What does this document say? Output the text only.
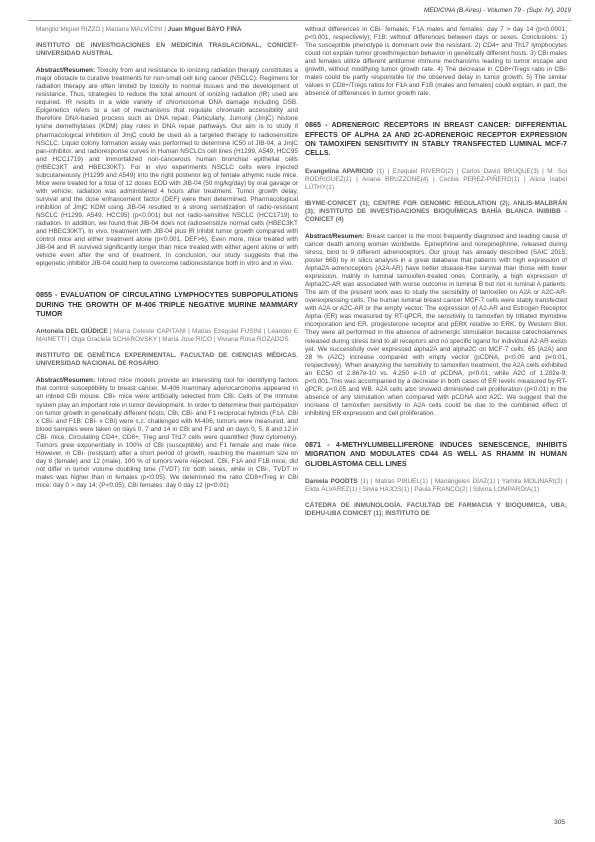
MEDICINA (B Aires) - Volumen 79 - (Supl. IV), 2019

Manglio Miguel RIZZO | Mariana MALVICINI | Juan Miguel BAYO FINA

INSTITUTO DE INVESTIGACIONES EN MEDICINA TRASLACIONAL, CONICET-UNIVERSIDAD AUSTRAL

Abstract/Resumen: Toxicity from and resistance to ionizing radiation therapy constitutes a major obstacle to curative treatments for non-small cell lung cancer (NSCLC). Regimens for radiation therapy are often limited by toxicity to normal tissues and the development of resistance. Thus, strategies to reduce the total amount of ionizing radiation (IR) used are required. IR results in a wide variety of chromosomal DNA damage including DSB. Epigenetics refers to a set of mechanisms that regulate chromatin accessibility and therefore DNA-based process such as DNA repair. Particularly, Jumonji (JmjC) histone lysine demethylases (KDM) play roles in DNA repair pathways. Our aim is to study if pharmacological inhibition of JmjC could be used as a targeted therapy to radiosensitize NSCLC. Liquid colony formation assay was performed to determine IC50 of JIB-04, a JmjC pan-inhibitor, and radioresponse curves in Human NSCLCs cell lines (H1299, A549, HCC95 and HCC1719) and immortalized non-cancerous human bronchial epithelial cells (HBEC3KT and HBEC30KT). For in vivo experiments NSCLC cells were injected subcutaneously (H1299 and A549) into the right posterior leg of female athymic nude mice. Mice were treated for a total of 12 doses EOD with JIB-04 (50 mg/kg/day) by oral gavage or with vehicle; radiation was administered 4 hours after treatment. Tumor growth delay, survival and the dose enhancement factor (DEF) were then determined. Pharmacological inhibition of JmjC KDM using JIB-04 resulted in a strong sensitization of radio-resistant NSCLC (H1299, A549, HCC95) (p<0.001) but not radio-sensitive NSCLC (HCC1719) to radiation. In addition, we found that JIB-04 does not radiosensitize normal cells (HBEC3KT and HBEC30KT). In vivo, treatment with JIB-04 plus IR inhibit tumor growth compared with control mice and either treatment alone (p<0.001, DEF>6). Even more, mice treated with JIB-04 and IR survived significantly longer than mice treated with either agent alone or with vehicle even after the end of treatment. In conclusion, our study suggests that the epigenetic inhibitor JIB-04 could help to overcome radioresistance both in vitro and in vivo.

0855 - EVALUATION OF CIRCULATING LYMPHOCYTES SUBPOPULATIONS DURING THE GROWTH OF M-406 TRIPLE NEGATIVE MURINE MAMMARY TUMOR

Antonela DEL GIÚDICE | María Celeste CAPITANI | Matías Ezequiel FUSINI | Leandro E MAINETTI | Olga Graciela SCHAROVSKY | María Jose RICO | Viviana Rosa ROZADOS

INSTITUTO DE GENÉTICA EXPERIMENTAL. FACULTAD DE CIENCIAS MÉDICAS. UNIVERSIDAD NACIONAL DE ROSARIO

Abstract/Resumen: Inbred mice models provide an interesting tool for identifying factors that control susceptibility to breast cancer. M-406 mammary adenocarcinoma appeared in an inbred CBi mouse. CBi- mice were artificially selected from CBi. Cells of the immune system play an important role in tumor development. In order to determine their participation on tumor growth in genetically different hosts, CBi, CBi- and F1 reciprocal hybrids (F1A: CBi x CBi- and F1B: CBi- x CBi) were s.c. challenged with M-406, tumors were measured, and blood samples were taken on days 0, 7 and 14 in CBi and F1 and on days 0, 5, 8 and 12 in CBi- mice. Circulating CD4+, CD8+, Treg and Th17 cells were quantified (flow cytometry). Tumors grew exponentially in 100% of CBi (susceptible) and F1 female and male mice. However, in CBi- (resistant) after a short period of growth, reaching the maximum size on day 8 (female) and 12 (male), 100 % of tumors were rejected. CBi, F1A and F1B mice, did not differ in tumor volume doubling time (TVDT) for both sexes, while in CBi-, TVDT in males was higher than in females (p<0.05). We determined the ratio CD8+/Treg in CBi mice: day 0 > day 14; (P<0.05); CBi females: day 0 day 12 (p<0.01)

without differences in CBi- females; F1A males and females: day 7 > day 14 (p<0.0001; p<0.001, respectively); F1B: without differences between days or sexes. Conclusions: 1) The susceptible phenotype is dominant over the resistant. 2) CD4+ and Th17 lymphocytes could not explain tumor growth/rejection behavior in genetically different hosts. 3) CBi males and females utilize different antitumor immune mechanisms leading to tumor escape and growth, without modifying tumor growth rate. 4) The decrease in CD8+/Tregs ratio in CBi- males could be partly responsible for the observed delay in tumor growth. 5) The similar values in CD8+/Tregs ratios for F1A and F1B (males and females) could explain, in part, the absence of differences in tumor growth rate.

0865 - ADRENERGIC RECEPTORS IN BREAST CANCER: DIFFERENTIAL EFFECTS OF ALPHA 2A AND 2C-ADRENERGIC RECEPTOR EXPRESSION ON TAMOXIFEN SENSITIVITY IN STABLY TRANSFECTED LUMINAL MCF-7 CELLS.

Evangelina APARICIO (1) | Ezequiel RIVERO(2) | Carlos David BRUQUE(3) | M. Sol RODRIGUEZ(1) | Ariana BRUZZONE(4) | Cecilia PEREZ-PIÑERO(1) | Alicia Isabel LÜTHY(1)

IBYME-CONICET (1); CENTRE FOR GENOMIC REGULATION (2); ANLIS-MALBRÁN (3); INSTITUTO DE INVESTIGACIONES BIOQUÍMICAS BAHÍA BLANCA INIBIBB -CONICET (4)

Abstract/Resumen: Breast cancer is the most frequently diagnosed and leading cause of cancer death among women worldwide. Epinephrine and norepinephrine, released during stress, bind to 9 different adrenoceptors. Our group has already described (SAIC 2015, poster 660) by in silico analysis in a great database that patients with high expression of Alpha2A-adrenoceptors (A2A-AR) have better disease-free survival than those with lower expression, mainly in luminal tamoxifen-treated ones. Contrarily, a high expression of Alpha2C-AR was associated with worse outcome in luminal B but not in luminal A patients. The aim of the present work was to study the sensibility of tamoxifen on A2A or A2C-AR-overexpressing cells. The human luminal breast cancer MCF-7 cells were stably transfected with A2A or A2C-AR or the empty vector. The expression of A2-AR and Estrogen Receptor Alpha (ER) was measured by RT-qPCR, the sensitivity to tamoxifen by tritiated thymidine incorporation and ER, progesterone receptor and pERK relative to ERK, by Western Blot. They were all performed in the absence of adrenergic stimulation because catecholamines released during stress bind to all receptors and no specific ligand for individual A2-AR exists yet. We successfully over expressed alpha2A and alpha2C on MCF-7 cells: 65 (A2A) and 28 % (A2C) increase compared with empty vector (pCDNA, p<0.05 and p<0.01, respectively). When analyzing the sensitivity to tamoxifen treatment, the A2A cells exhibited an EC50 of 2.867e-10 vs. 4.250 e-10 of pCDNA, p<0.01; while A2C of 1.202e-9, p<0.001.This was accompanied by a decrease in both cases of ER levels measured by RT-qPCR, p<0.05 and WB. A2A cells also showed diminished cell proliferation (p<0.01) in the absence of any stimulation when compared with pCDNA and A2C. We suggest that the increase of tamoxifen sensitivity in A2A cells could be due to the combined effect of inhibiting ER expression and cell proliferation.

0871 - 4-METHYLUMBELLIFERONE INDUCES SENESCENCE, INHIBITS MIGRATION AND MODULATES CD44 AS WELL AS RHAMM IN HUMAN GLIOBLASTOMA CELL LINES

Daniela POODTS (1) | Matías PIBUEL(1) | Mariángeles DÍAZ(1) | Yamila MOLINARI(2) | Elida ÁLVAREZ(1) | Silvia HAJOS(1) | Paula FRANCO(2) | Silvina LOMPARDIA(1)

CÁTEDRA DE INMUNOLOGÍA. FACULTAD DE FARMACIA Y BIOQUIMICA, UBA; IDEHU-UBA CONICET (1); INSTITUTO DE

305
